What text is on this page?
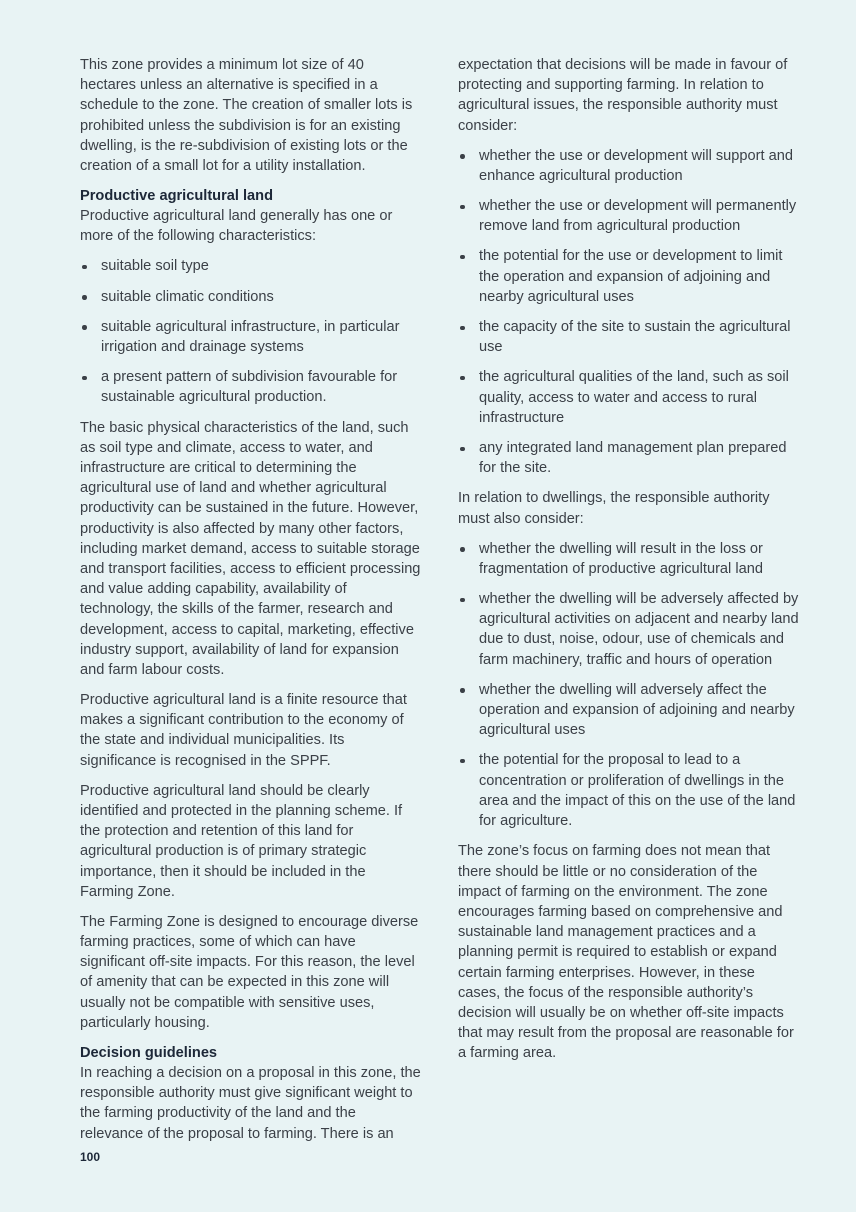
This zone provides a minimum lot size of 40 hectares unless an alternative is specified in a schedule to the zone. The creation of smaller lots is prohibited unless the subdivision is for an existing dwelling, is the re-subdivision of existing lots or the creation of a small lot for a utility installation.

Productive agricultural land

Productive agricultural land generally has one or more of the following characteristics:

suitable soil type
suitable climatic conditions
suitable agricultural infrastructure, in particular irrigation and drainage systems
a present pattern of subdivision favourable for sustainable agricultural production.

The basic physical characteristics of the land, such as soil type and climate, access to water, and infrastructure are critical to determining the agricultural use of land and whether agricultural productivity can be sustained in the future. However, productivity is also affected by many other factors, including market demand, access to suitable storage and transport facilities, access to efficient processing and value adding capability, availability of technology, the skills of the farmer, research and development, access to capital, marketing, effective industry support, availability of land for expansion and farm labour costs.

Productive agricultural land is a finite resource that makes a significant contribution to the economy of the state and individual municipalities. Its significance is recognised in the SPPF.

Productive agricultural land should be clearly identified and protected in the planning scheme. If the protection and retention of this land for agricultural production is of primary strategic importance, then it should be included in the Farming Zone.

The Farming Zone is designed to encourage diverse farming practices, some of which can have significant off-site impacts. For this reason, the level of amenity that can be expected in this zone will usually not be compatible with sensitive uses, particularly housing.

Decision guidelines

In reaching a decision on a proposal in this zone, the responsible authority must give significant weight to the farming productivity of the land and the relevance of the proposal to farming. There is an

expectation that decisions will be made in favour of protecting and supporting farming. In relation to agricultural issues, the responsible authority must consider:

whether the use or development will support and enhance agricultural production
whether the use or development will permanently remove land from agricultural production
the potential for the use or development to limit the operation and expansion of adjoining and nearby agricultural uses
the capacity of the site to sustain the agricultural use
the agricultural qualities of the land, such as soil quality, access to water and access to rural infrastructure
any integrated land management plan prepared for the site.

In relation to dwellings, the responsible authority must also consider:

whether the dwelling will result in the loss or fragmentation of productive agricultural land
whether the dwelling will be adversely affected by agricultural activities on adjacent and nearby land due to dust, noise, odour, use of chemicals and farm machinery, traffic and hours of operation
whether the dwelling will adversely affect the operation and expansion of adjoining and nearby agricultural uses
the potential for the proposal to lead to a concentration or proliferation of dwellings in the area and the impact of this on the use of the land for agriculture.

The zone’s focus on farming does not mean that there should be little or no consideration of the impact of farming on the environment. The zone encourages farming based on comprehensive and sustainable land management practices and a planning permit is required to establish or expand certain farming enterprises. However, in these cases, the focus of the responsible authority’s decision will usually be on whether off-site impacts that may result from the proposal are reasonable for a farming area.

100
